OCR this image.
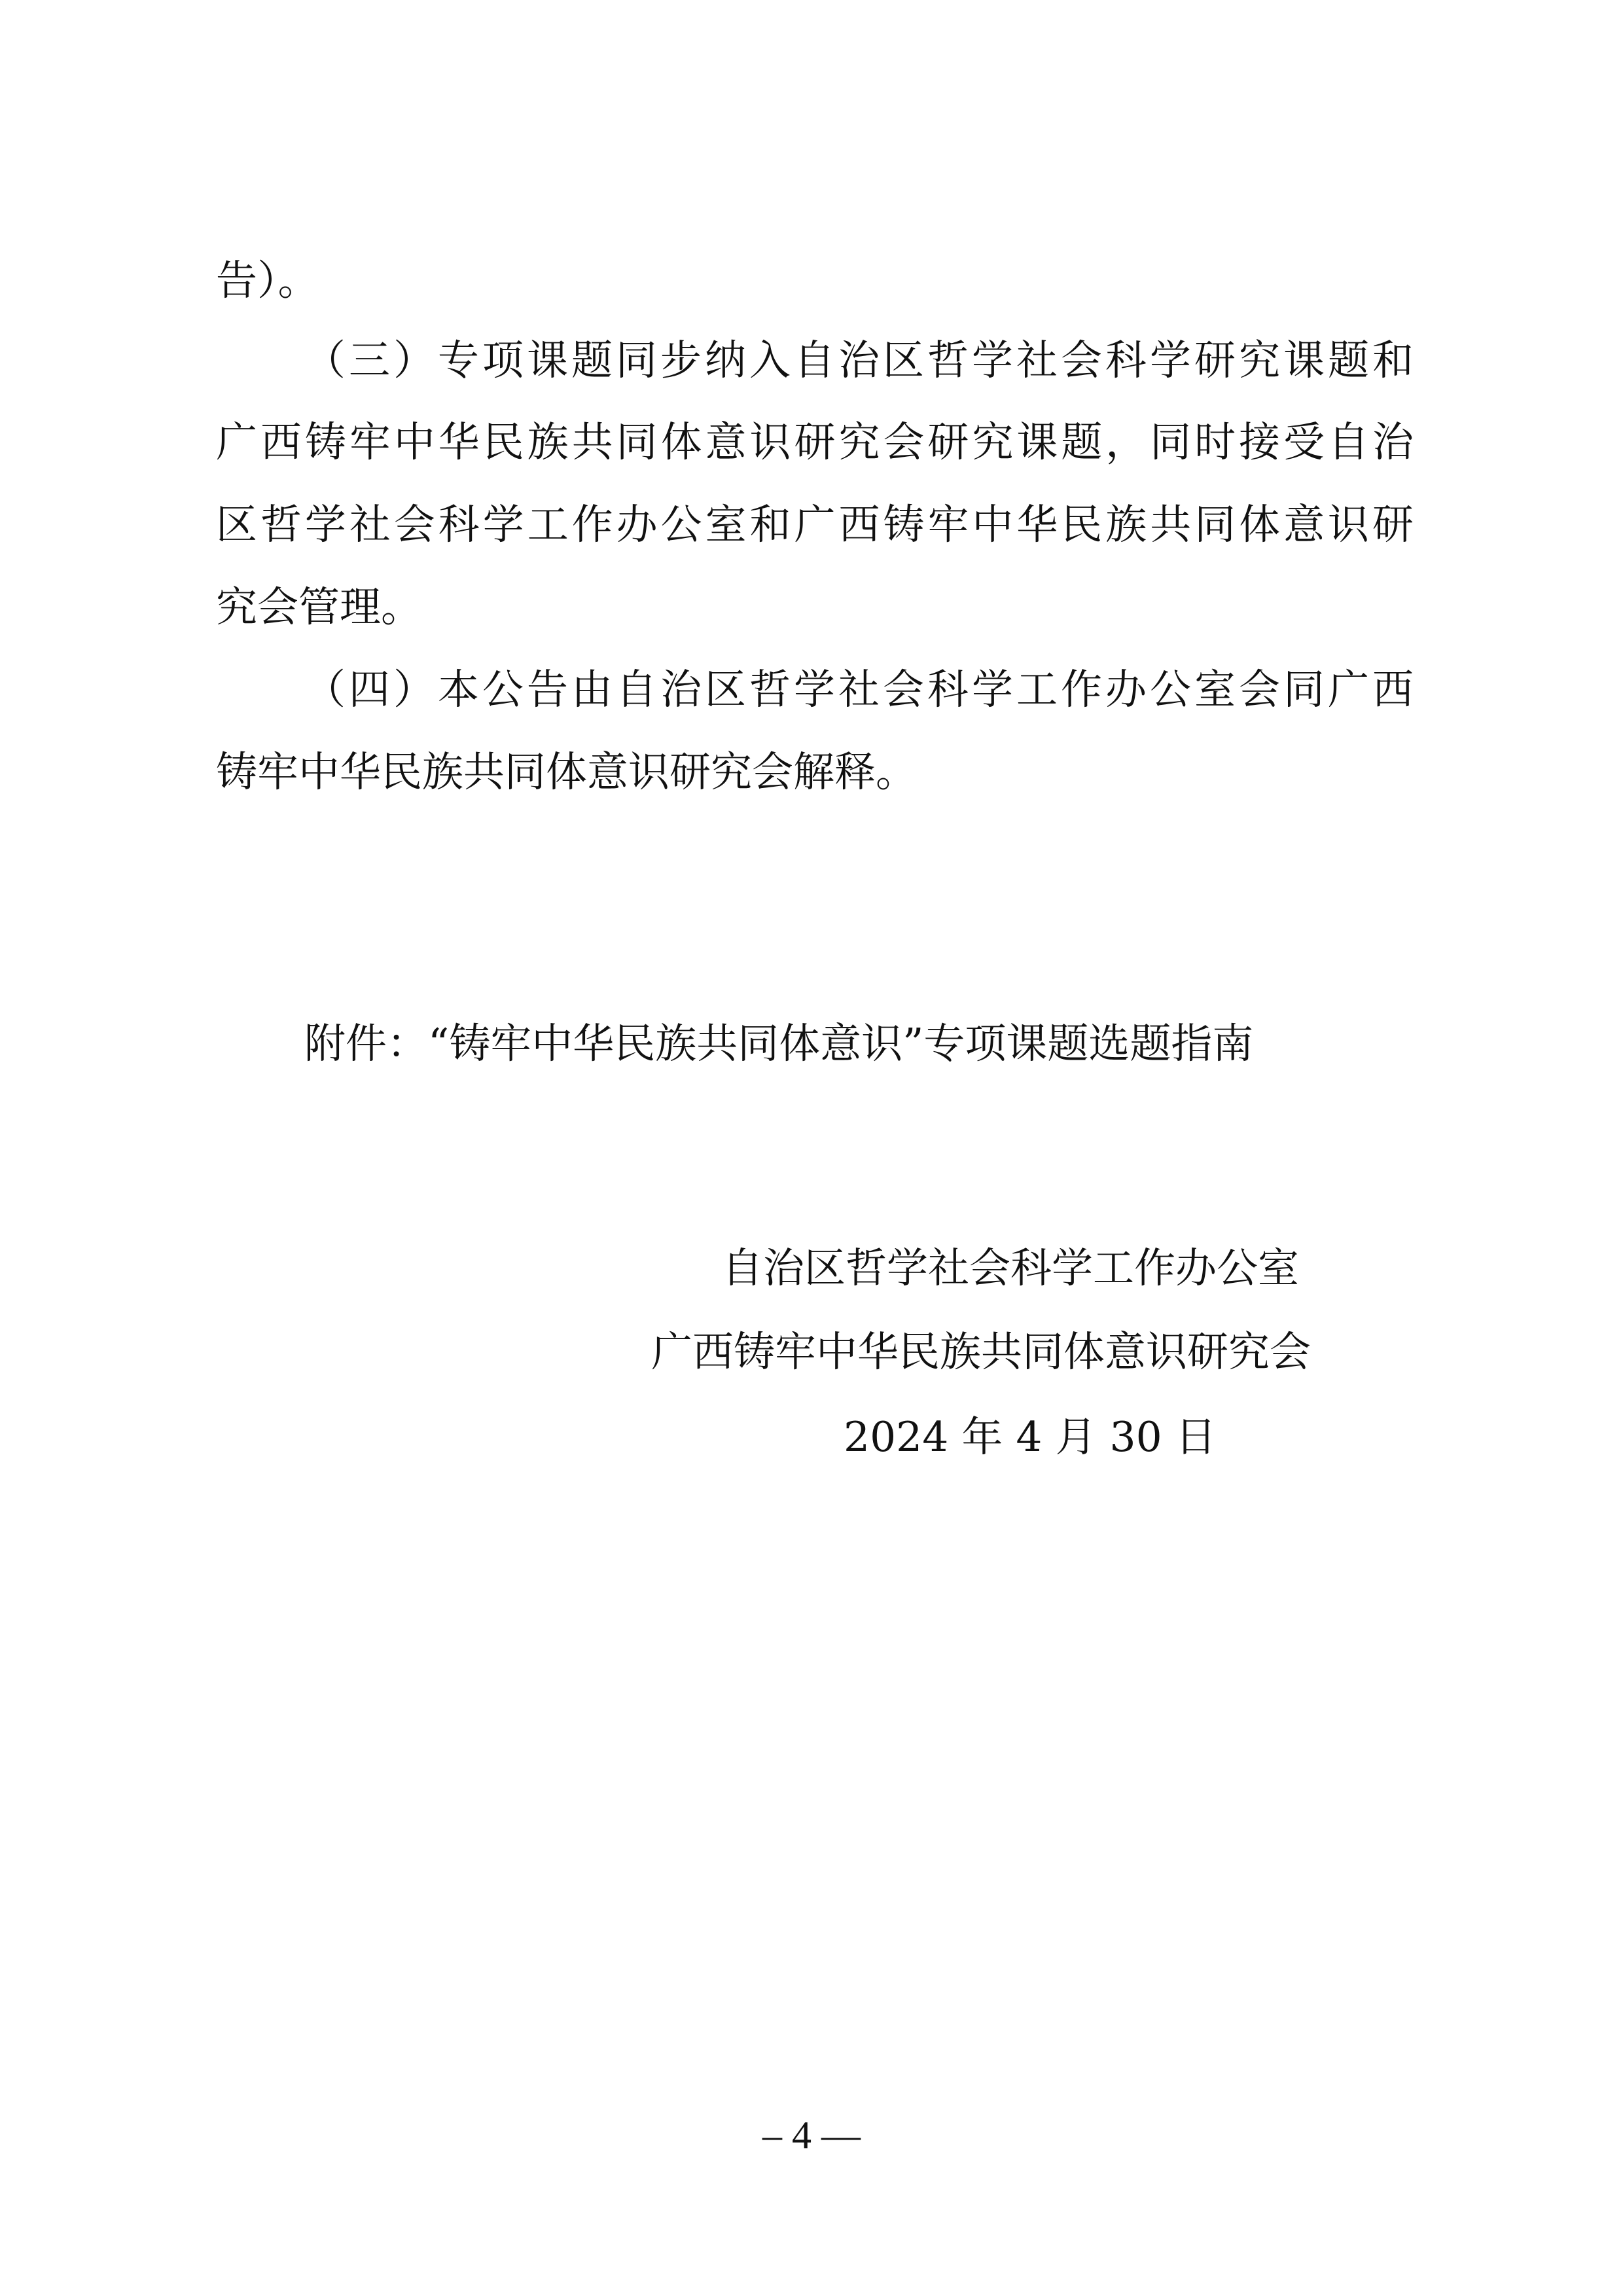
告）。
（三）专项课题同步纳入自治区哲学社会科学研究课题和
广西铸牢中华民族共同体意识研究会研究课题，同时接受自治
区哲学社会科学工作办公室和广西铸牢中华民族共同体意识研
究会管理。
（四）本公告由自治区哲学社会科学工作办公室会同广西
铸牢中华民族共同体意识研究会解释。
附件：“铸牢中华民族共同体意识”专项课题选题指南
自治区哲学社会科学工作办公室
广西铸牢中华民族共同体意识研究会
2024 年 4 月 30 日
– 4 —
